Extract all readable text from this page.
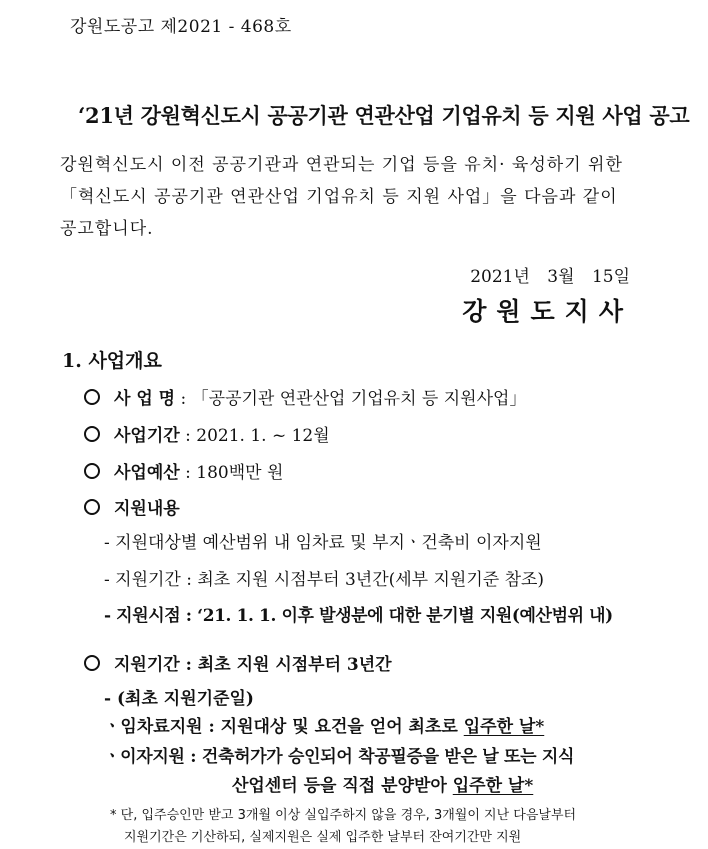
강원도공고 제2021 - 468호
‘21년 강원혁신도시 공공기관 연관산업 기업유치 등 지원 사업 공고
강원혁신도시 이전 공공기관과 연관되는 기업 등을 유치· 육성하기 위한
「혁신도시 공공기관 연관산업 기업유치 등 지원 사업」을 다음과 같이
공고합니다.
2021년 3월 15일
강원도지사
1. 사업개요
사 업 명 : 「공공기관 연관산업 기업유치 등 지원사업」
사업기간 : 2021. 1. ~ 12월
사업예산 : 180백만 원
지원내용
- 지원대상별 예산범위 내 임차료 및 부지ㆍ건축비 이자지원
- 지원기간 : 최초 지원 시점부터 3년간(세부 지원기준 참조)
- 지원시점 : ‘21. 1. 1. 이후 발생분에 대한 분기별 지원(예산범위 내)
지원기간 : 최초 지원 시점부터 3년간
- (최초 지원기준일)
ㆍ임차료지원 : 지원대상 및 요건을 얻어 최초로 입주한 날*
ㆍ이자지원 : 건축허가가 승인되어 착공필증을 받은 날 또는 지식
산업센터 등을 직접 분양받아 입주한 날*
* 단, 입주승인만 받고 3개월 이상 실입주하지 않을 경우, 3개월이 지난 다음날부터
지원기간은 기산하되, 실제지원은 실제 입주한 날부터 잔여기간만 지원
